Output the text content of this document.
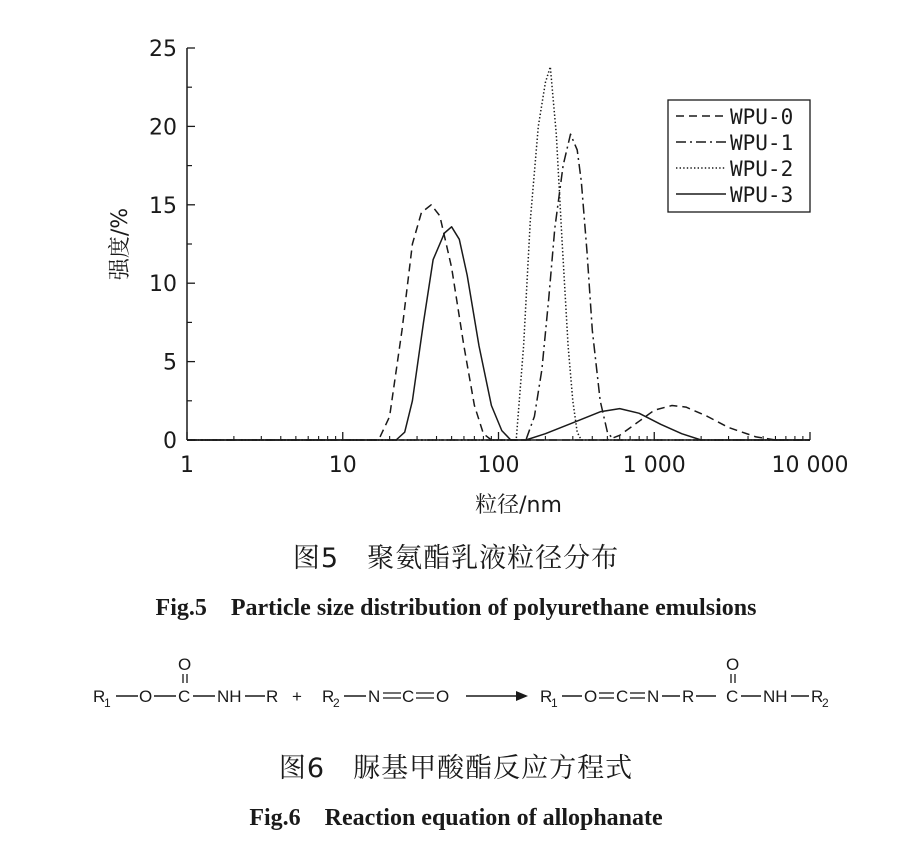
0
5
10
15
20
25
1	10	100	1 000	10 000
粒径/nm
强度/%
WPU-0
WPU-1
WPU-2
WPU-3
图5　聚氨酯乳液粒径分布
Fig.5　Particle size distribution of polyurethane emulsions
R
1 O C
O
NH R + R
2 N C O	R
1 O C N R C
O
NH R
2
图6　脲基甲酸酯反应方程式
Fig.6　Reaction equation of allophanate
